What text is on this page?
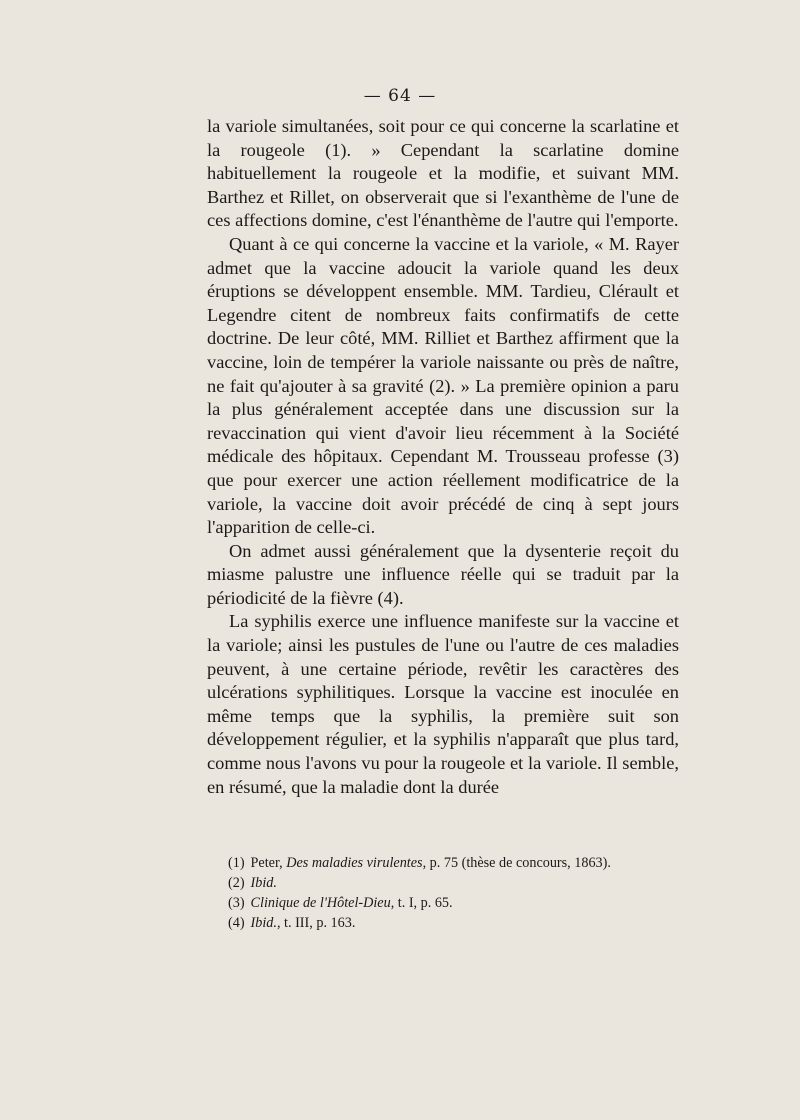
— 64 —

la variole simultanées, soit pour ce qui concerne la scarlatine et la rougeole (1). » Cependant la scarlatine domine habituellement la rougeole et la modifie, et suivant MM. Barthez et Rillet, on observerait que si l'exanthème de l'une de ces affections domine, c'est l'énanthème de l'autre qui l'emporte.

Quant à ce qui concerne la vaccine et la variole, « M. Rayer admet que la vaccine adoucit la variole quand les deux éruptions se développent ensemble. MM. Tardieu, Clérault et Legendre citent de nombreux faits confirmatifs de cette doctrine. De leur côté, MM. Rilliet et Barthez affirment que la vaccine, loin de tempérer la variole naissante ou près de naître, ne fait qu'ajouter à sa gravité (2). » La première opinion a paru la plus généralement acceptée dans une discussion sur la revaccination qui vient d'avoir lieu récemment à la Société médicale des hôpitaux. Cependant M. Trousseau professe (3) que pour exercer une action réellement modificatrice de la variole, la vaccine doit avoir précédé de cinq à sept jours l'apparition de celle-ci.

On admet aussi généralement que la dysenterie reçoit du miasme palustre une influence réelle qui se traduit par la périodicité de la fièvre (4).

La syphilis exerce une influence manifeste sur la vaccine et la variole; ainsi les pustules de l'une ou l'autre de ces maladies peuvent, à une certaine période, revêtir les caractères des ulcérations syphilitiques. Lorsque la vaccine est inoculée en même temps que la syphilis, la première suit son développement régulier, et la syphilis n'apparaît que plus tard, comme nous l'avons vu pour la rougeole et la variole. Il semble, en résumé, que la maladie dont la durée

(1) Peter, Des maladies virulentes, p. 75 (thèse de concours, 1863).
(2) Ibid.
(3) Clinique de l'Hôtel-Dieu, t. I, p. 65.
(4) Ibid., t. III, p. 163.
